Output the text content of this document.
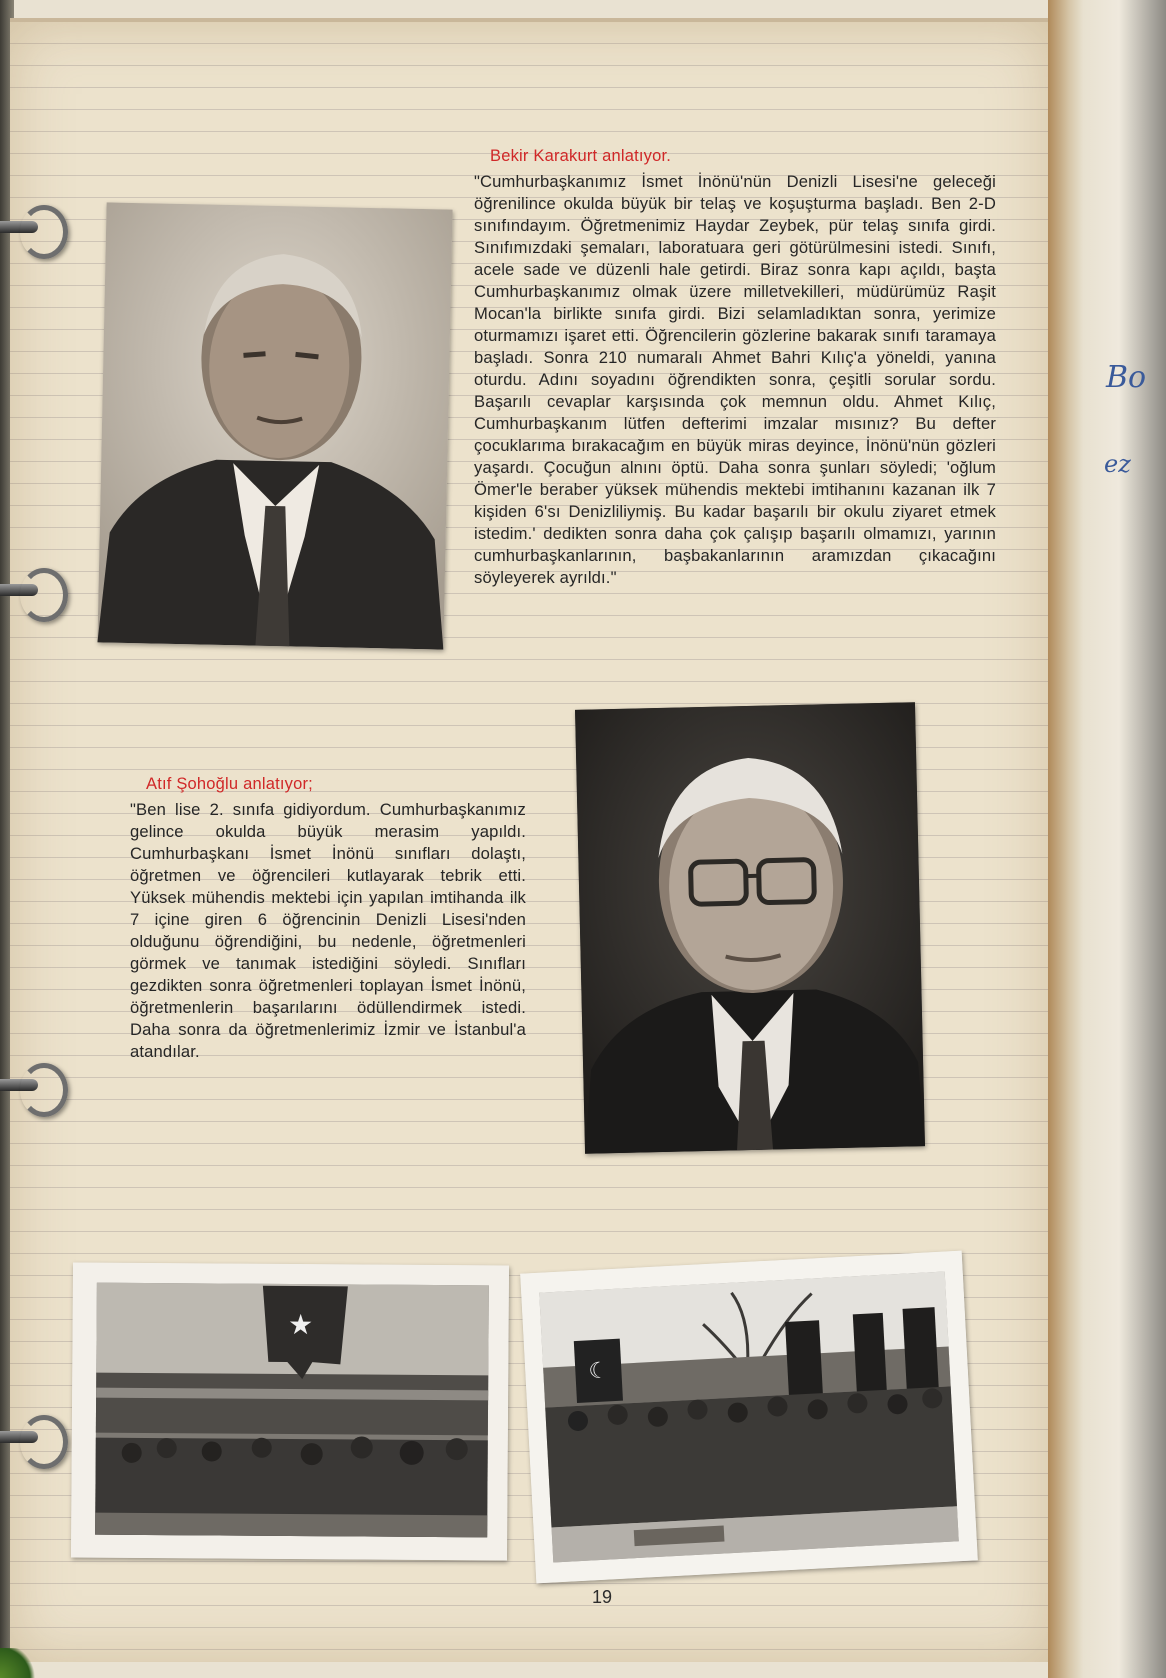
Bo
ez
Bekir Karakurt anlatıyor.
"Cumhurbaşkanımız İsmet İnönü'nün Denizli Lisesi'ne geleceği öğrenilince okulda büyük bir telaş ve koşuşturma başladı. Ben 2-D sınıfındayım. Öğretmenimiz Haydar Zeybek, pür telaş sınıfa girdi. Sınıfımızdaki şemaları, laboratuara geri götürülmesini istedi. Sınıfı, acele sade ve düzenli hale getirdi. Biraz sonra kapı açıldı, başta Cumhurbaşkanımız olmak üzere milletvekilleri, müdürümüz Raşit Mocan'la birlikte sınıfa girdi. Bizi selamladıktan sonra, yerimize oturmamızı işaret etti. Öğrencilerin gözlerine bakarak sınıfı taramaya başladı. Sonra 210 numaralı Ahmet Bahri Kılıç'a yöneldi, yanına oturdu. Adını soyadını öğrendikten sonra, çeşitli sorular sordu. Başarılı cevaplar karşısında çok memnun oldu. Ahmet Kılıç, Cumhurbaşkanım lütfen defterimi imzalar mısınız? Bu defter çocuklarıma bırakacağım en büyük miras deyince, İnönü'nün gözleri yaşardı. Çocuğun alnını öptü. Daha sonra şunları söyledi; 'oğlum Ömer'le beraber yüksek mühendis mektebi imtihanını kazanan ilk 7 kişiden 6'sı Denizliliymiş. Bu kadar başarılı bir okulu ziyaret etmek istedim.' dedikten sonra daha çok çalışıp başarılı olmamızı, yarının cumhurbaşkanlarının, başbakanlarının aramızdan çıkacağını söyleyerek ayrıldı."
Atıf Şohoğlu anlatıyor;
"Ben lise 2. sınıfa gidiyordum. Cumhurbaşkanımız gelince okulda büyük merasim yapıldı. Cumhurbaşkanı İsmet İnönü sınıfları dolaştı, öğretmen ve öğrencileri kutlayarak tebrik etti. Yüksek mühendis mektebi için yapılan imtihanda ilk 7 içine giren 6 öğrencinin Denizli Lisesi'nden olduğunu öğrendiğini, bu nedenle, öğretmenleri görmek ve tanımak istediğini söyledi. Sınıfları gezdikten sonra öğretmenleri toplayan İsmet İnönü, öğretmenlerin başarılarını ödüllendirmek istedi. Daha sonra da öğretmenlerimiz İzmir ve İstanbul'a atandılar.
★
☾
19
